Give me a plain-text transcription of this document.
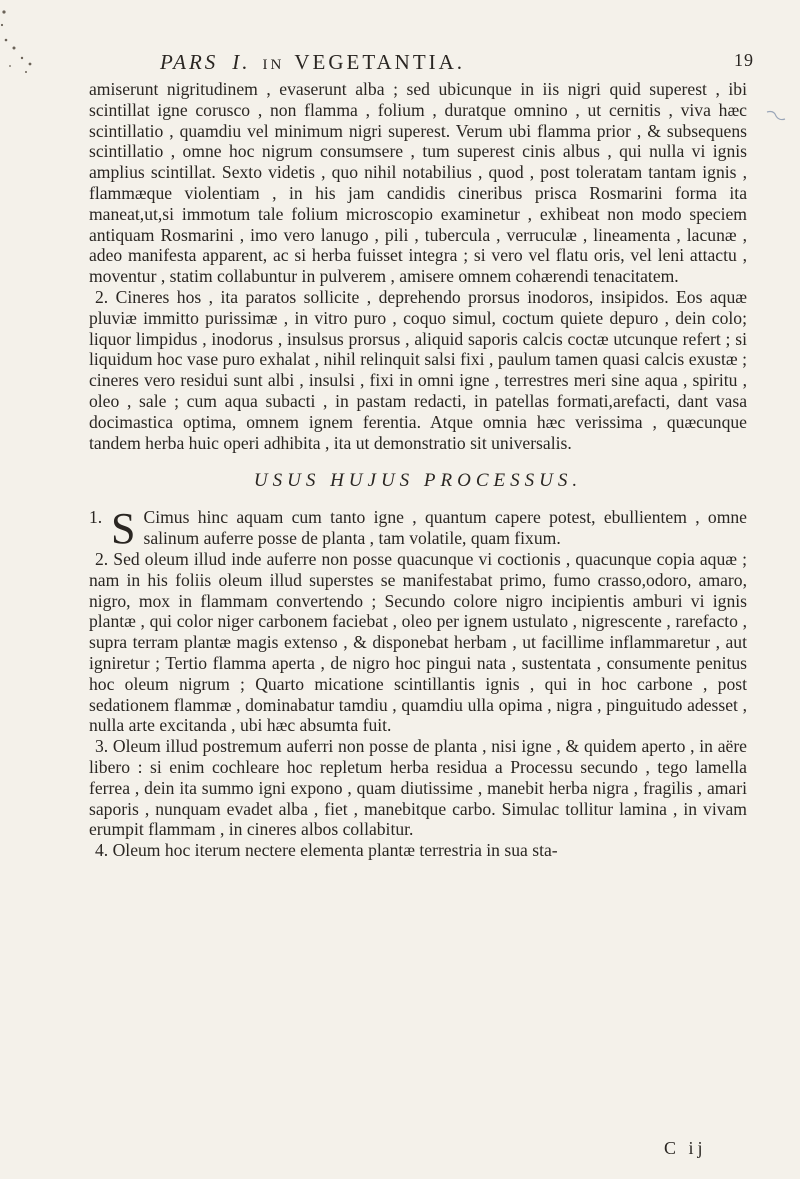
PARS I. IN VEGETANTIA.	19

amiserunt nigritudinem , evaserunt alba ; sed ubicunque in iis nigri quid superest , ibi scintillat igne corusco , non flamma , folium , duratque omnino , ut cernitis , viva hæc scintillatio , quamdiu vel minimum nigri superest. Verum ubi flamma prior , & subsequens scintillatio , omne hoc nigrum consumsere , tum superest cinis albus , qui nulla vi ignis amplius scintillat. Sexto videtis , quo nihil notabilius , quod , post toleratam tantam ignis , flammæque violentiam , in his jam candidis cineribus prisca Rosmarini forma ita maneat,ut,si immotum tale folium microscopio examinetur , exhibeat non modo speciem antiquam Rosmarini , imo vero lanugo , pili , tubercula , verruculæ , lineamenta , lacunæ , adeo manifesta apparent, ac si herba fuisset integra ; si vero vel flatu oris, vel leni attactu , moventur , statim collabuntur in pulverem , amisere omnem cohærendi tenacitatem.

2. Cineres hos , ita paratos sollicite , deprehendo prorsus inodoros, insipidos. Eos aquæ pluviæ immitto purissimæ , in vitro puro , coquo simul, coctum quiete depuro , dein colo; liquor limpidus , inodorus , insulsus prorsus , aliquid saporis calcis coctæ utcunque refert ; si liquidum hoc vase puro exhalat , nihil relinquit salsi fixi , paulum tamen quasi calcis exustæ ; cineres vero residui sunt albi , insulsi , fixi in omni igne , terrestres meri sine aqua , spiritu , oleo , sale ; cum aqua subacti , in pastam redacti, in patellas formati,arefacti, dant vasa docimastica optima, omnem ignem ferentia. Atque omnia hæc verissima , quæcunque tandem herba huic operi adhibita , ita ut demonstratio sit universalis.

USUS HUJUS PROCESSUS.

1. S Cimus hinc aquam cum tanto igne , quantum capere potest, ebullientem , omne salinum auferre posse de planta , tam volatile, quam fixum.

2. Sed oleum illud inde auferre non posse quacunque vi coctionis , quacunque copia aquæ ; nam in his foliis oleum illud superstes se manifestabat primo, fumo crasso,odoro, amaro, nigro, mox in flammam convertendo ; Secundo colore nigro incipientis amburi vi ignis plantæ , qui color niger carbonem faciebat , oleo per ignem ustulato , nigrescente , rarefacto , supra terram plantæ magis extenso , & disponebat herbam , ut facillime inflammaretur , aut igniretur ; Tertio flamma aperta , de nigro hoc pingui nata , sustentata , consumente penitus hoc oleum nigrum ; Quarto micatione scintillantis ignis , qui in hoc carbone , post sedationem flammæ , dominabatur tamdiu , quamdiu ulla opima , nigra , pinguitudo adesset , nulla arte excitanda , ubi hæc absumta fuit.

3. Oleum illud postremum auferri non posse de planta , nisi igne , & quidem aperto , in aëre libero : si enim cochleare hoc repletum herba residua a Processu secundo , tego lamella ferrea , dein ita summo igni expono , quam diutissime , manebit herba nigra , fragilis , amari saporis , nunquam evadet alba , fiet , manebitque carbo. Simulac tollitur lamina , in vivam erumpit flammam , in cineres albos collabitur.

4. Oleum hoc iterum nectere elementa plantæ terrestria in sua sta-

C ij
